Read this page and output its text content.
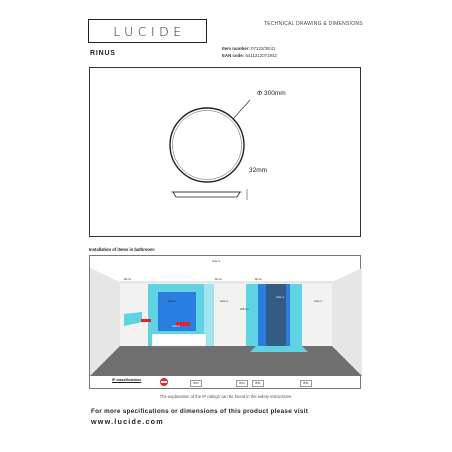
LUCIDE	TECHNICAL DRAWING & DIMENSIONS
RINUS
Item number: 07122/30/41
EAN code: 5411212071842
Φ 300mm
32mm
Installation of items in bathroom:
zone 3
60 cm	60 cm	60 cm
zone 1	zone 2
225 cm
zone 1
zone 2
zone 0
IP classifications
IPX4	IPX4	IPX1	IPX1
The explanation of the IP ratings can be found in the safety instructions.
For more specifications or dimensions of this product please visit
www.lucide.com
